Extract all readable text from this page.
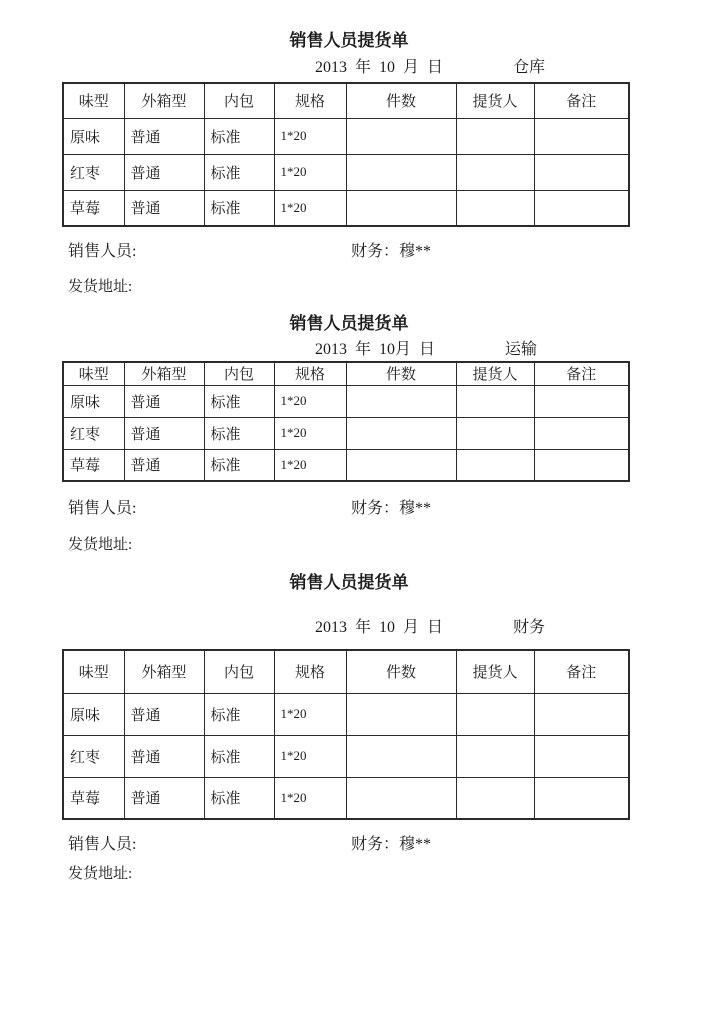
销售人员提货单
2013 年 10 月 日	仓库
味型	外箱型	内包	规格	件数	提货人	备注
原味	普通	标准	1*20			
红枣	普通	标准	1*20			
草莓	普通	标准	1*20			
销售人员:	财务：穆**
发货地址:
销售人员提货单
2013 年 10月 日	运输
味型	外箱型	内包	规格	件数	提货人	备注
原味	普通	标准	1*20			
红枣	普通	标准	1*20			
草莓	普通	标准	1*20			
销售人员:	财务：穆**
发货地址:
销售人员提货单
2013 年 10 月 日	财务
味型	外箱型	内包	规格	件数	提货人	备注
原味	普通	标准	1*20			
红枣	普通	标准	1*20			
草莓	普通	标准	1*20			
销售人员:	财务：穆**
发货地址:
